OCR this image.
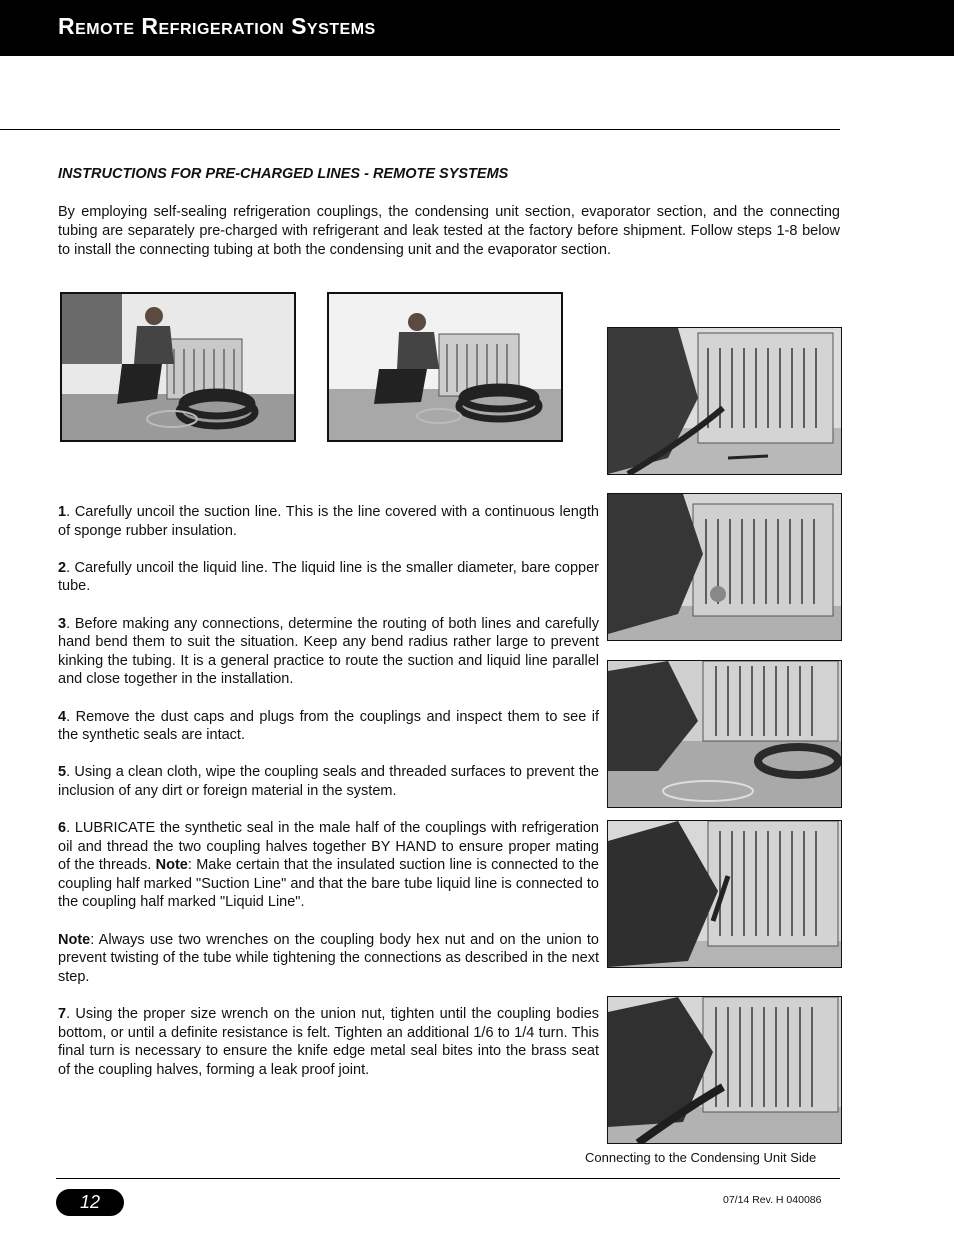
Remote Refrigeration Systems
INSTRUCTIONS FOR PRE-CHARGED LINES - REMOTE SYSTEMS
By employing self-sealing refrigeration couplings, the condensing unit section, evaporator section, and the connecting tubing are separately pre-charged with refrigerant and leak tested at the factory before shipment. Follow steps 1-8 below to install the connecting tubing at both the condensing unit and the evaporator section.

1. Carefully uncoil the suction line. This is the line covered with a continuous length of sponge rubber insulation.

2. Carefully uncoil the liquid line. The liquid line is the smaller diameter, bare copper tube.

3. Before making any connections, determine the routing of both lines and carefully hand bend them to suit the situation. Keep any bend radius rather large to prevent kinking the tubing. It is a general practice to route the suction and liquid line parallel and close together in the installation.

4. Remove the dust caps and plugs from the couplings and inspect them to see if the synthetic seals are intact.

5. Using a clean cloth, wipe the coupling seals and threaded surfaces to prevent the inclusion of any dirt or foreign material in the system.

6. LUBRICATE the synthetic seal in the male half of the couplings with refrigeration oil and thread the two coupling halves together BY HAND to ensure proper mating of the threads. Note: Make certain that the insulated suction line is connected to the coupling half marked "Suction Line" and that the bare tube liquid line is connected to the coupling half marked "Liquid Line".

Note: Always use two wrenches on the coupling body hex nut and on the union to prevent twisting of the tube while tightening the connections as described in the next step.

7. Using the proper size wrench on the union nut, tighten until the coupling bodies bottom, or until a definite resistance is felt. Tighten an additional 1/6 to 1/4 turn. This final turn is necessary to ensure the knife edge metal seal bites into the brass seat of the coupling halves, forming a leak proof joint.

Connecting to the Condensing Unit Side
12	07/14 Rev. H 040086
